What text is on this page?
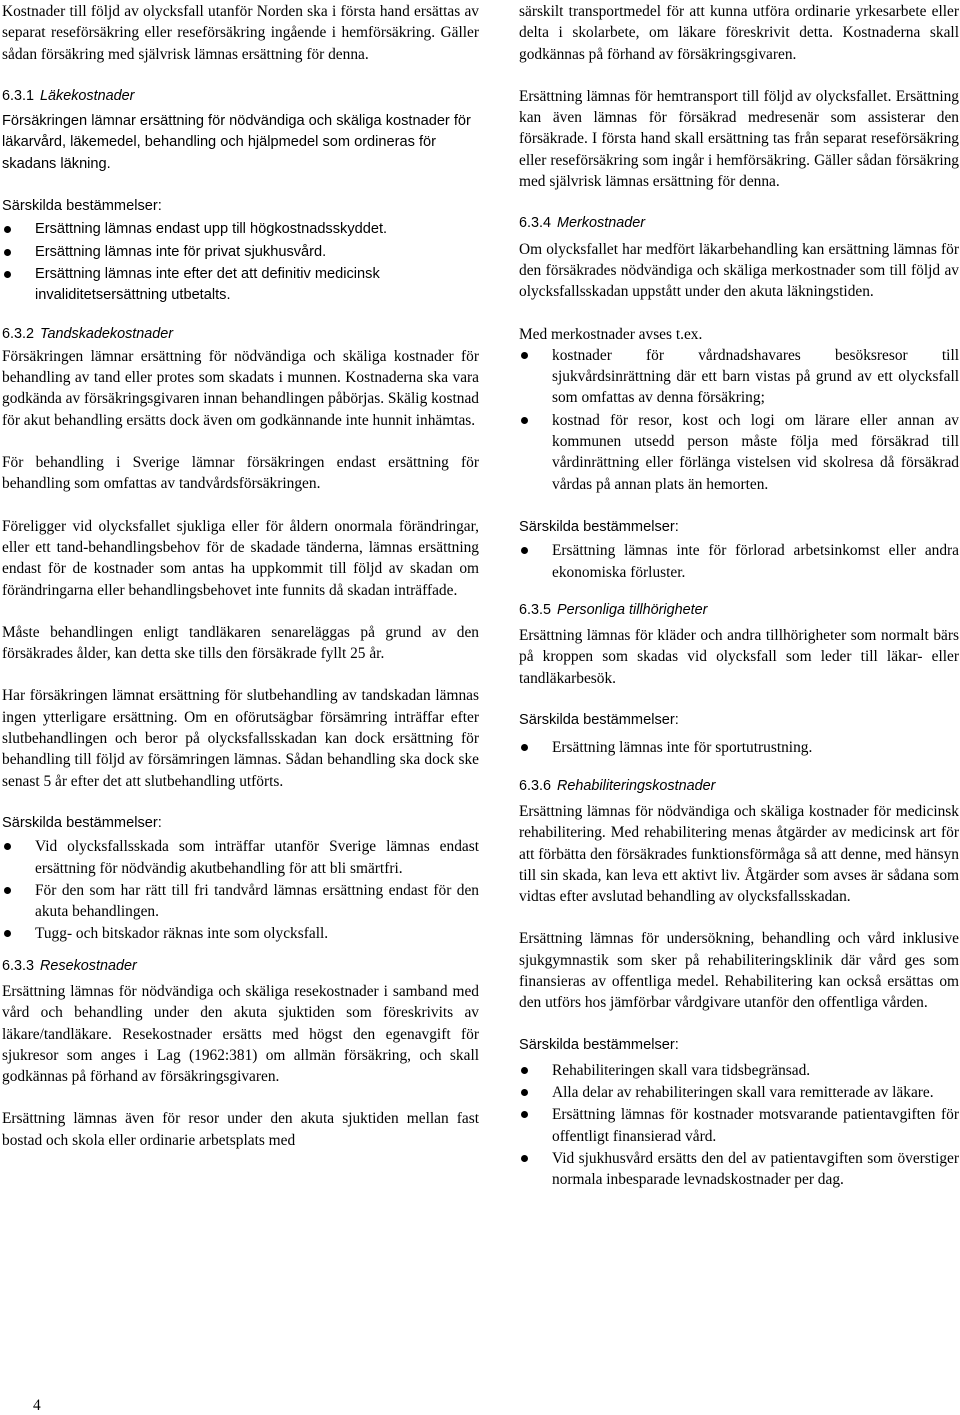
Kostnader till följd av olycksfall utanför Norden ska i första hand ersättas av separat reseförsäkring eller reseförsäkring ingående i hemförsäkring. Gäller sådan försäkring med självrisk lämnas ersättning för denna.

6.3.1 Läkekostnader

Försäkringen lämnar ersättning för nödvändiga och skäliga kostnader för läkarvård, läkemedel, behandling och hjälpmedel som ordineras för skadans läkning.

Särskilda bestämmelser:

Ersättning lämnas endast upp till högkostnadsskyddet.
Ersättning lämnas inte för privat sjukhusvård.
Ersättning lämnas inte efter det att definitiv medicinsk invaliditetsersättning utbetalts.
6.3.2 Tandskadekostnader

Försäkringen lämnar ersättning för nödvändiga och skäliga kostnader för behandling av tand eller protes som skadats i munnen. Kostnaderna ska vara godkända av försäkringsgivaren innan behandlingen påbörjas. Skälig kostnad för akut behandling ersätts dock även om godkännande inte hunnit inhämtas.

För behandling i Sverige lämnar försäkringen endast ersättning för behandling som omfattas av tandvårdsförsäkringen.

Föreligger vid olycksfallet sjukliga eller för åldern onormala förändringar, eller ett tand-behandlingsbehov för de skadade tänderna, lämnas ersättning endast för de kostnader som antas ha uppkommit till följd av skadan om förändringarna eller behandlingsbehovet inte funnits då skadan inträffade.

Måste behandlingen enligt tandläkaren senareläggas på grund av den försäkrades ålder, kan detta ske tills den försäkrade fyllt 25 år.

Har försäkringen lämnat ersättning för slutbehandling av tandskadan lämnas ingen ytterligare ersättning. Om en oförutsägbar försämring inträffar efter slutbehandlingen och beror på olycksfallsskadan kan dock ersättning för behandling till följd av försämringen lämnas. Sådan behandling ska dock ske senast 5 år efter det att slutbehandling utförts.

Särskilda bestämmelser:

Vid olycksfallsskada som inträffar utanför Sverige lämnas endast ersättning för nödvändig akutbehandling för att bli smärtfri.
För den som har rätt till fri tandvård lämnas ersättning endast för den akuta behandlingen.
Tugg- och bitskador räknas inte som olycksfall.
6.3.3 Resekostnader

Ersättning lämnas för nödvändiga och skäliga resekostnader i samband med vård och behandling under den akuta sjuktiden som föreskrivits av läkare/tandläkare. Resekostnader ersätts med högst den egenavgift för sjukresor som anges i Lag (1962:381) om allmän försäkring, och skall godkännas på förhand av försäkringsgivaren.

Ersättning lämnas även för resor under den akuta sjuktiden mellan fast bostad och skola eller ordinarie arbetsplats med

särskilt transportmedel för att kunna utföra ordinarie yrkesarbete eller delta i skolarbete, om läkare föreskrivit detta. Kostnaderna skall godkännas på förhand av försäkringsgivaren.

Ersättning lämnas för hemtransport till följd av olycksfallet. Ersättning kan även lämnas för försäkrad medresenär som assisterar den försäkrade. I första hand skall ersättning tas från separat reseförsäkring eller reseförsäkring som ingår i hemförsäkring. Gäller sådan försäkring med självrisk lämnas ersättning för denna.

6.3.4 Merkostnader

Om olycksfallet har medfört läkarbehandling kan ersättning lämnas för den försäkrades nödvändiga och skäliga merkostnader som till följd av olycksfallsskadan uppstått under den akuta läkningstiden.

Med merkostnader avses t.ex.

kostnader för vårdnadshavares besöksresor till sjukvårdsinrättning där ett barn vistas på grund av ett olycksfall som omfattas av denna försäkring;
kostnad för resor, kost och logi om lärare eller annan av kommunen utsedd person måste följa med försäkrad till vårdinrättning eller förlänga vistelsen vid skolresa då försäkrad vårdas på annan plats än hemorten.

Särskilda bestämmelser:

Ersättning lämnas inte för förlorad arbetsinkomst eller andra ekonomiska förluster.
6.3.5 Personliga tillhörigheter

Ersättning lämnas för kläder och andra tillhörigheter som normalt bärs på kroppen som skadas vid olycksfall som leder till läkar- eller tandläkarbesök.

Särskilda bestämmelser:

Ersättning lämnas inte för sportutrustning.
6.3.6 Rehabiliteringskostnader

Ersättning lämnas för nödvändiga och skäliga kostnader för medicinsk rehabilitering. Med rehabilitering menas åtgärder av medicinsk art för att förbätta den försäkrades funktionsförmåga så att denne, med hänsyn till sin skada, kan leva ett aktivt liv. Åtgärder som avses är sådana som vidtas efter avslutad behandling av olycksfallsskadan.

Ersättning lämnas för undersökning, behandling och vård inklusive sjukgymnastik som sker på rehabiliteringsklinik där vård ges som finansieras av offentliga medel. Rehabilitering kan också ersättas om den utförs hos jämförbar vårdgivare utanför den offentliga vården.

Särskilda bestämmelser:

Rehabiliteringen skall vara tidsbegränsad.
Alla delar av rehabiliteringen skall vara remitterade av läkare.
Ersättning lämnas för kostnader motsvarande patientavgiften för offentligt finansierad vård.
Vid sjukhusvård ersätts den del av patientavgiften som överstiger normala inbesparade levnadskostnader per dag.
4
